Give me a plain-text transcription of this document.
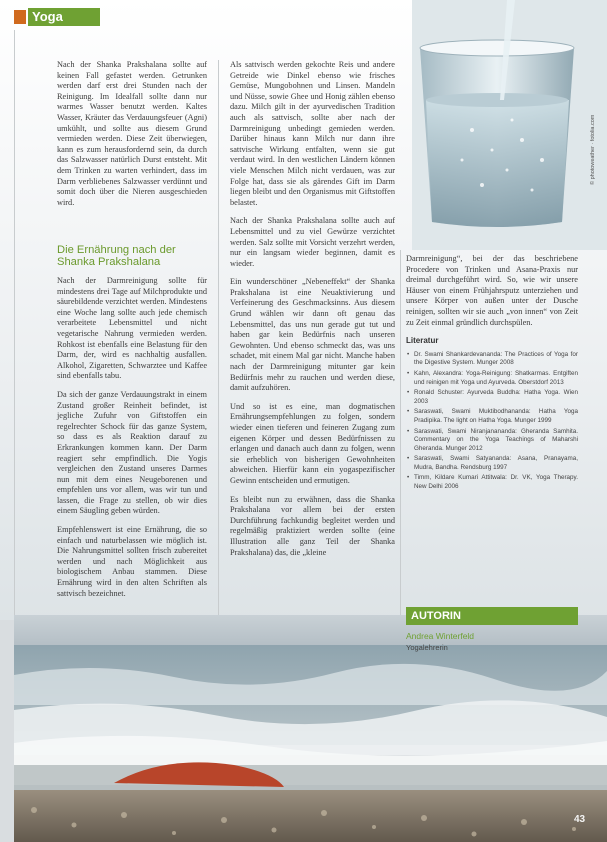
Yoga
© photoweather · fotolia.com

Nach der Shanka Prakshalana sollte auf keinen Fall gefastet werden. Getrunken werden darf erst drei Stunden nach der Reinigung. Im Idealfall sollte dann nur warmes Wasser benutzt werden. Kaltes Wasser, Kräuter das Verdauungsfeuer (Agni) umkühlt, und sollte aus diesem Grund vermieden werden. Diese Zeit überwiegen, kann es zum herausfordernd sein, da durch das Salzwasser natürlich Durst entsteht. Mit dem Trinken zu warten verhindert, dass im Darm verbliebenes Salzwasser verdünnt und somit doch über die Nieren ausgeschieden wird.

Die Ernährung nach der Shanka Prakshalana

Nach der Darmreinigung sollte für mindestens drei Tage auf Milchprodukte und säurebildende verzichtet werden. Mindestens eine Woche lang sollte auch jede chemisch verarbeitete Lebensmittel und nicht vegetarische Nahrung vermieden werden. Rohkost ist ebenfalls eine Belastung für den Darm, der, wird es nachhaltig ausfallen. Alkohol, Zigaretten, Schwarztee und Kaffee sind ebenfalls tabu.

Da sich der ganze Verdauungstrakt in einem Zustand großer Reinheit befindet, ist jegliche Zufuhr von Giftstoffen ein regelrechter Schock für das ganze System, so dass es als Reaktion darauf zu Erkrankungen kommen kann. Der Darm reagiert sehr empfindlich. Die Yogis vergleichen den Zustand unseres Darmes nun mit dem eines Neugeborenen und empfehlen uns vor allem, was wir tun und lassen, die Frage zu stellen, ob wir dies einem Säugling geben würden.

Empfehlenswert ist eine Ernährung, die so einfach und naturbelassen wie möglich ist. Die Nahrungsmittel sollten frisch zubereitet werden und nach Möglichkeit aus biologischem Anbau stammen. Diese Ernährung wird in den alten Schriften als sattvisch bezeichnet.

Als sattvisch werden gekochte Reis und andere Getreide wie Dinkel ebenso wie frisches Gemüse, Mungobohnen und Linsen. Mandeln und Nüsse, sowie Ghee und Honig zählen ebenso dazu. Milch gilt in der ayurvedischen Tradition auch als sattvisch, sollte aber nach der Darmreinigung unbedingt gemieden werden. Darüber hinaus kann Milch nur dann ihre sattvische Wirkung entfalten, wenn sie gut verdaut wird. In den westlichen Ländern können viele Menschen Milch nicht verdauen, was zur Folge hat, dass sie als gärendes Gift im Darm liegen bleibt und den Organismus mit Giftstoffen belastet.

Nach der Shanka Prakshalana sollte auch auf Lebensmittel und zu viel Gewürze verzichtet werden. Salz sollte mit Vorsicht verzehrt werden, nur ein langsam wieder beginnen, damit es wieder.

Ein wunderschöner „Nebeneffekt“ der Shanka Prakshalana ist eine Neuaktivierung und Verfeinerung des Geschmacksinns. Aus diesem Grund wählen wir dann oft genau das Lebensmittel, das uns nun gerade gut tut und haben gar kein Bedürfnis nach unseren Gewohnten. Und ebenso schmeckt das, was uns schadet, mit einem Mal gar nicht. Manche haben nach der Darmreinigung mitunter gar kein Bedürfnis mehr zu rauchen und werden diese, damit aufzuhören.

Und so ist es eine, man dogmatischen Ernährungsempfehlungen zu folgen, sondern wieder einen tieferen und feineren Zugang zum eigenen Körper und dessen Bedürfnissen zu erlangen und danach auch dann zu folgen, wenn sie erheblich von bisherigen Gewohnheiten abweichen. Hierfür kann ein yogaspezifischer Gewinn entscheiden und ermutigen.

Es bleibt nun zu erwähnen, dass die Shanka Prakshalana vor allem bei der ersten Durchführung fachkundig begleitet werden und regelmäßig praktiziert werden sollte (eine Illustration alle ganz Teil der Shanka Prakshalana) das, die „kleine

Darmreinigung“, bei der das beschriebene Procedere von Trinken und Asana-Praxis nur dreimal durchgeführt wird. So, wie wir unsere Häuser von einem Frühjahrsputz unterziehen und unsere Körper von außen unter der Dusche reinigen, sollten wir sie auch „von innen“ von Zeit zu Zeit einmal gründlich durchspülen.

Literatur
• Dr. Swami Shankardevananda: The Practices of Yoga for the Digestive System. Munger 2008
• Kahn, Alexandra: Yoga-Reinigung: Shatkarmas. Entgiften und reinigen mit Yoga und Ayurveda. Oberstdorf 2013
• Ronald Schuster: Ayurveda Buddha: Hatha Yoga. Wien 2003
• Saraswati, Swami Muktibodhananda: Hatha Yoga Pradipika. The light on Hatha Yoga. Munger 1999
• Saraswati, Swami Niranjanananda: Gheranda Samhita. Commentary on the Yoga Teachings of Maharshi Gheranda. Munger 2012
• Saraswati, Swami Satyananda: Asana, Pranayama, Mudra, Bandha. Rendsburg 1997
• Timm, Kildare Kumari Attitwala: Dr. VK, Yoga Therapy. New Delhi 2006
AUTORIN
Andrea Winterfeld
Yogalehrerin
43
